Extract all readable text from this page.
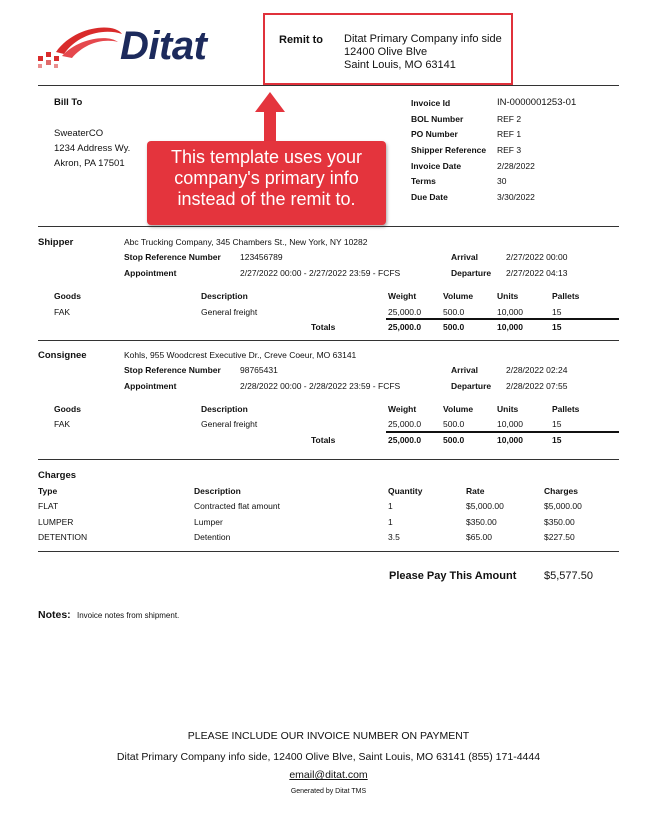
Ditat	Remit to Ditat Primary Company info side
12400 Olive Blve
Saint Louis, MO 63141
Bill To
SweaterCO
1234 Address Wy.
Akron, PA 17501
Invoice Id	IN-0000001253-01
BOL Number	REF 2
PO Number	REF 1
Shipper Reference REF 3
Invoice Date	2/28/2022
Terms	30
Due Date	3/30/2022
This template uses your
company's primary info
instead of the remit to.
Shipper	Abc Trucking Company, 345 Chambers St., New York, NY 10282
Stop Reference Number 123456789	Arrival	2/27/2022 00:00
Appointment	2/27/2022 00:00 - 2/27/2022 23:59 - FCFS	Departure 2/27/2022 04:13
Goods	Description	Weight	Volume	Units	Pallets
FAK	General freight	25,000.0	500.0	10,000	15
Totals	25,000.0	500.0	10,000	15
Consignee	Kohls, 955 Woodcrest Executive Dr., Creve Coeur, MO 63141
Stop Reference Number 98765431	Arrival	2/28/2022 02:24
Appointment	2/28/2022 00:00 - 2/28/2022 23:59 - FCFS	Departure 2/28/2022 07:55
Goods	Description	Weight	Volume	Units	Pallets
FAK	General freight	25,000.0	500.0	10,000	15
Totals	25,000.0	500.0	10,000	15
Charges
Type	Description	Quantity	Rate	Charges
FLAT	Contracted flat amount	1	$5,000.00	$5,000.00
LUMPER	Lumper	1	$350.00	$350.00
DETENTION	Detention	3.5	$65.00	$227.50
Please Pay This Amount	$5,577.50
Notes: Invoice notes from shipment.
PLEASE INCLUDE OUR INVOICE NUMBER ON PAYMENT
Ditat Primary Company info side, 12400 Olive Blve, Saint Louis, MO 63141 (855) 171-4444
email@ditat.com
Generated by Ditat TMS
